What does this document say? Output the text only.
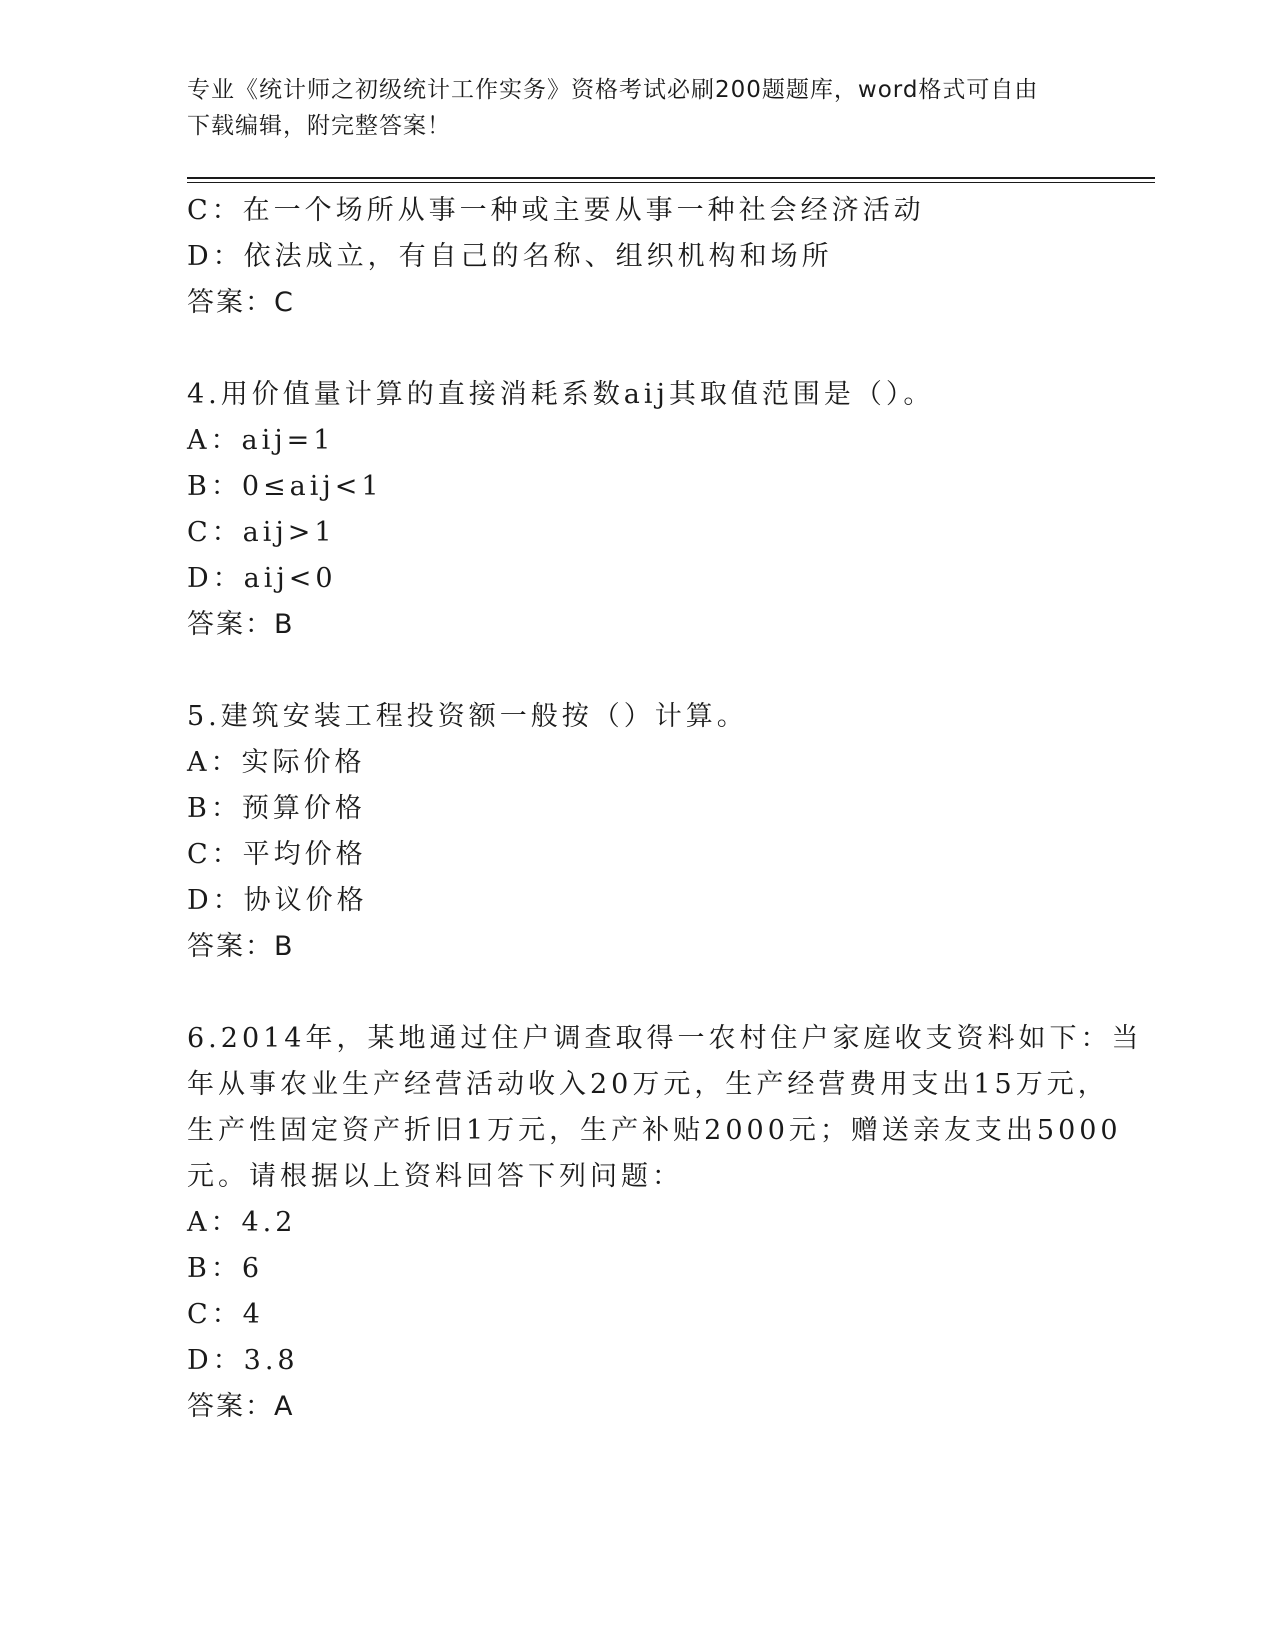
专业《统计师之初级统计工作实务》资格考试必刷200题题库，word格式可自由
下载编辑，附完整答案！
C：在一个场所从事一种或主要从事一种社会经济活动
D：依法成立，有自己的名称、组织机构和场所
答案：C
4.用价值量计算的直接消耗系数aij其取值范围是（）。
A：aij=1
B：0≤aij<1
C：aij>1
D：aij<0
答案：B
5.建筑安装工程投资额一般按（）计算。
A：实际价格
B：预算价格
C：平均价格
D：协议价格
答案：B
6.2014年，某地通过住户调查取得一农村住户家庭收支资料如下：当
年从事农业生产经营活动收入20万元，生产经营费用支出15万元，
生产性固定资产折旧1万元，生产补贴2000元；赠送亲友支出5000
元。请根据以上资料回答下列问题：
A：4.2
B：6
C：4
D：3.8
答案：A
